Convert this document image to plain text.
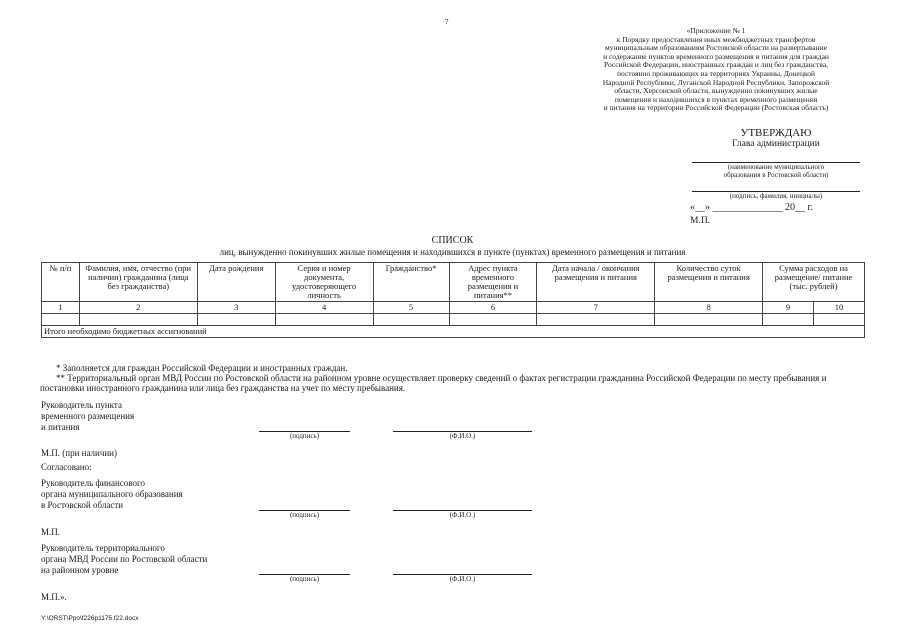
7
«Приложение № 1
к Порядку предоставления иных межбюджетных трансфертов
муниципальным образованиям Ростовской области на развертывание
и содержание пунктов временного размещения и питания для граждан
Российской Федерации, иностранных граждан и лиц без гражданства,
постоянно проживающих на территориях Украины, Донецкой
Народной Республики, Луганской Народной Республики, Запорожской
области, Херсонской области, вынужденно покинувших жилые
помещения и находившихся в пунктах временного размещения
и питания на территории Российской Федерации (Ростовская область)
УТВЕРЖДАЮ
Глава администрации
(наименование муниципального
образования в Ростовской области)
(подпись, фамилия, инициалы)
«__» ______________ 20__ г.
М.П.
СПИСОК
лиц, вынужденно покинувших жилые помещения и находившихся в пункте (пунктах) временного размещения и питания
№ п/п	Фамилия, имя, отчество (при наличии) гражданина (лица без гражданства)	Дата рождения	Серия и номер документа, удостоверяющего личность	Гражданство*	Адрес пункта временного размещения и питания**	Дата начала / окончания размещения и питания	Количество суток размещения и питания	Сумма расходов на размещение/ питание (тыс. рублей)	
1	2	3	4	5	6	7	8	9	10

Итого необходимо бюджетных ассигнований									

* Заполняется для граждан Российской Федерации и иностранных граждан.

** Территориальный орган МВД России по Ростовской области на районном уровне осуществляет проверку сведений о фактах регистрации гражданина Российской Федерации по месту пребывания и постановки иностранного гражданина или лица без гражданства на учет по месту пребывания.

Руководитель пункта
временного размещения
и питания
(подпись)	(Ф.И.О.)
М.П. (при наличии)
Согласовано:
Руководитель финансового
органа муниципального образования
в Ростовской области
(подпись)	(Ф.И.О.)
М.П.
Руководитель территориального
органа МВД России по Ростовской области
на районном уровне
(подпись)	(Ф.И.О.)
М.П.».
Y:\ORST\Ppo\f226p1175.f22.docx
